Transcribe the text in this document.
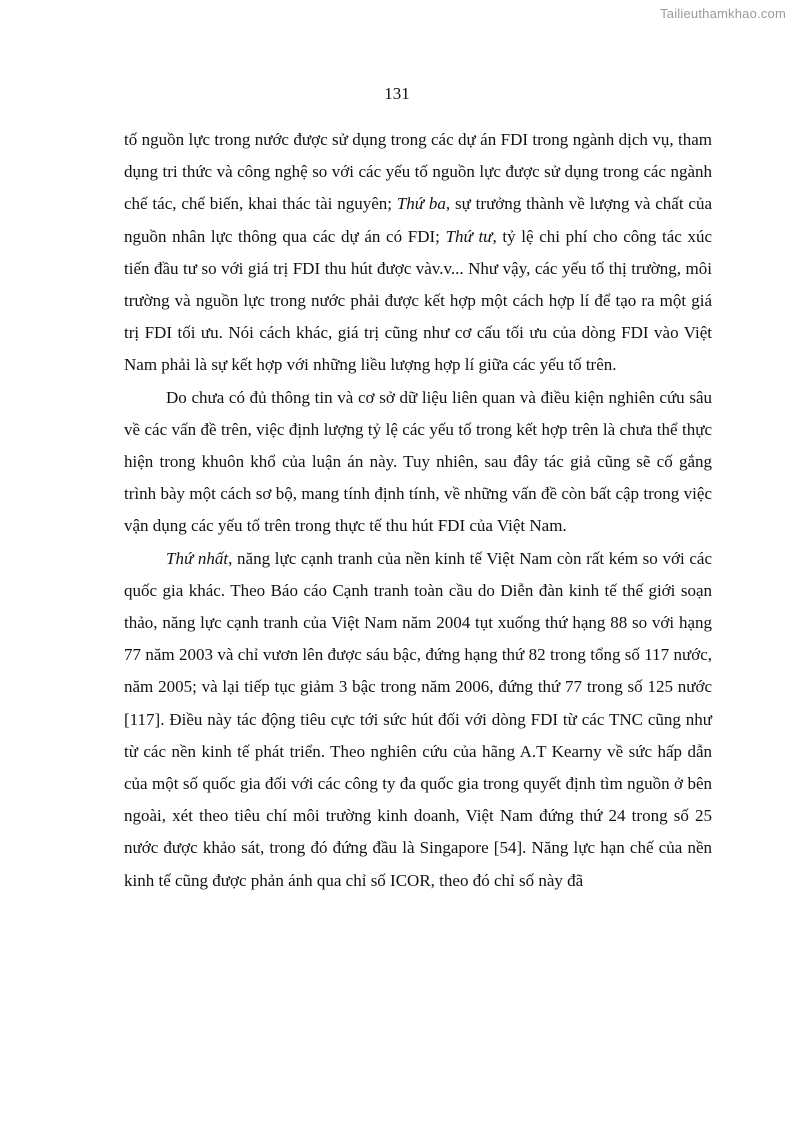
Tailieuthamkhao.com
131

tố nguồn lực trong nước được sử dụng trong các dự án FDI trong ngành dịch vụ, tham dụng tri thức và công nghệ so với các yếu tố nguồn lực được sử dụng trong các ngành chế tác, chế biến, khai thác tài nguyên; Thứ ba, sự trưởng thành về lượng và chất của nguồn nhân lực thông qua các dự án có FDI; Thứ tư, tỷ lệ chi phí cho công tác xúc tiến đầu tư so với giá trị FDI thu hút được vàv.v... Như vậy, các yếu tố thị trường, môi trường và nguồn lực trong nước phải được kết hợp một cách hợp lí để tạo ra một giá trị FDI tối ưu. Nói cách khác, giá trị cũng như cơ cấu tối ưu của dòng FDI vào Việt Nam phải là sự kết hợp với những liều lượng hợp lí giữa các yếu tố trên.

Do chưa có đủ thông tin và cơ sở dữ liệu liên quan và điều kiện nghiên cứu sâu về các vấn đề trên, việc định lượng tỷ lệ các yếu tố trong kết hợp trên là chưa thể thực hiện trong khuôn khổ của luận án này. Tuy nhiên, sau đây tác giả cũng sẽ cố gắng trình bày một cách sơ bộ, mang tính định tính, về những vấn đề còn bất cập trong việc vận dụng các yếu tố trên trong thực tế thu hút FDI của Việt Nam.

Thứ nhất, năng lực cạnh tranh của nền kinh tế Việt Nam còn rất kém so với các quốc gia khác. Theo Báo cáo Cạnh tranh toàn cầu do Diễn đàn kinh tế thế giới soạn thảo, năng lực cạnh tranh của Việt Nam năm 2004 tụt xuống thứ hạng 88 so với hạng 77 năm 2003 và chỉ vươn lên được sáu bậc, đứng hạng thứ 82 trong tổng số 117 nước, năm 2005; và lại tiếp tục giảm 3 bậc trong năm 2006, đứng thứ 77 trong số 125 nước [117]. Điều này tác động tiêu cực tới sức hút đối với dòng FDI từ các TNC cũng như từ các nền kinh tế phát triển. Theo nghiên cứu của hãng A.T Kearny về sức hấp dẫn của một số quốc gia đối với các công ty đa quốc gia trong quyết định tìm nguồn ở bên ngoài, xét theo tiêu chí môi trường kinh doanh, Việt Nam đứng thứ 24 trong số 25 nước được khảo sát, trong đó đứng đầu là Singapore [54]. Năng lực hạn chế của nền kinh tế cũng được phản ánh qua chỉ số ICOR, theo đó chỉ số này đã
